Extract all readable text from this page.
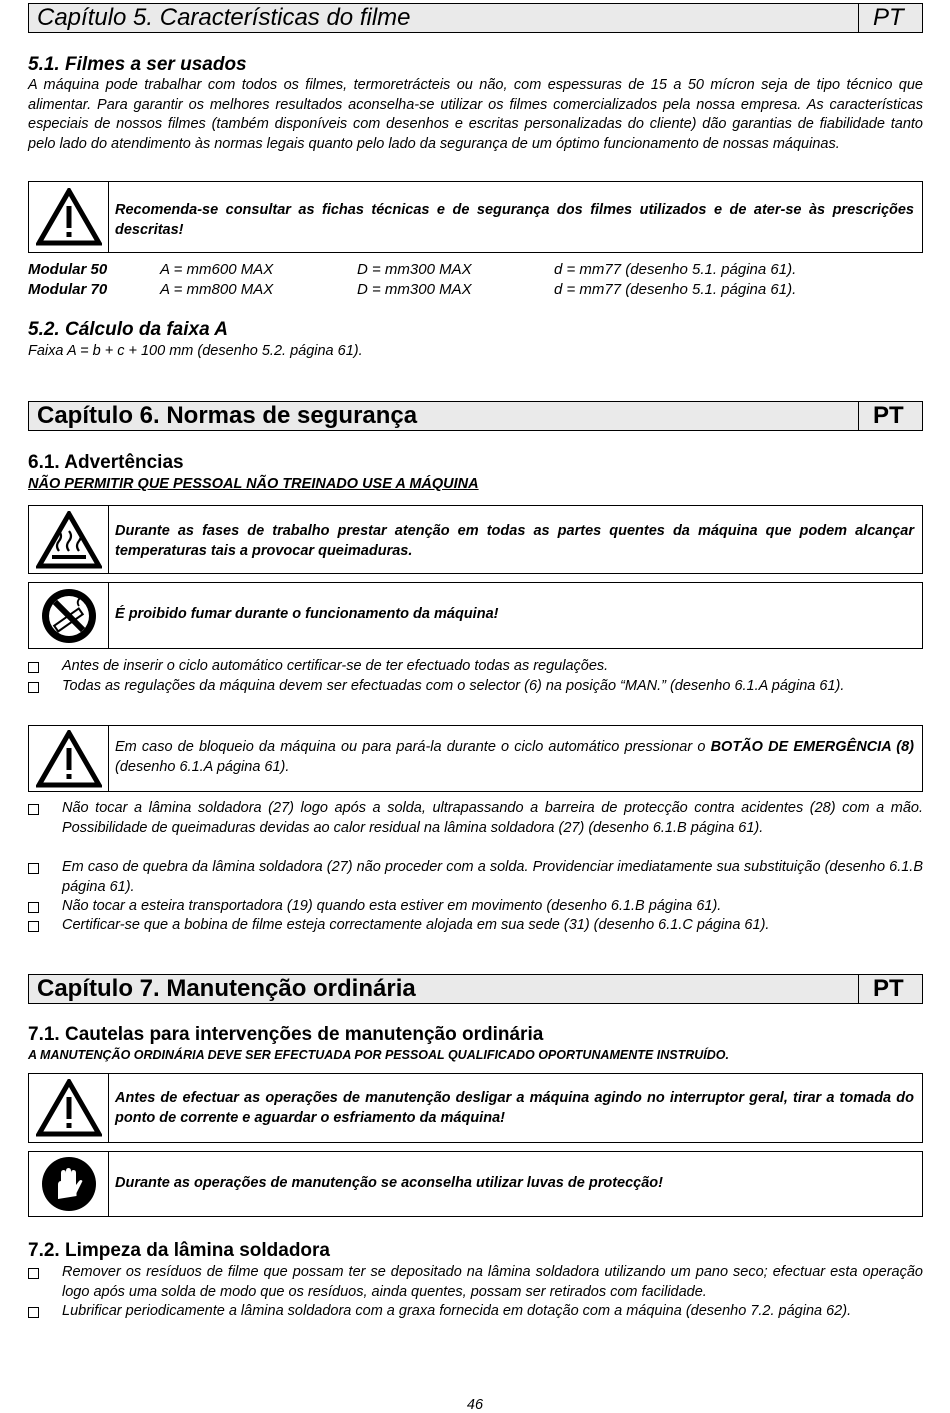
Capítulo 5. Características do filme	PT
5.1. Filmes a ser usados
A máquina pode trabalhar com todos os filmes, termoretrácteis ou não, com espessuras de 15 a 50 mícron seja de tipo técnico que alimentar. Para garantir os melhores resultados aconselha-se utilizar os filmes comercializados pela nossa empresa. As características especiais de nossos filmes (também disponíveis com desenhos e escritas personalizadas do cliente) dão garantias de fiabilidade tanto pelo lado do atendimento às normas legais quanto pelo lado da segurança de um óptimo funcionamento de nossas máquinas.
Recomenda-se consultar as fichas técnicas e de segurança dos filmes utilizados e de ater-se às prescrições descritas!
Modular 50	A = mm600 MAX	D = mm300 MAX	d = mm77 (desenho 5.1. página 61).
Modular 70	A = mm800 MAX	D = mm300 MAX	d = mm77 (desenho 5.1. página 61).
5.2. Cálculo da faixa A
Faixa A = b + c + 100 mm (desenho 5.2. página 61).
Capítulo 6. Normas de segurança	PT
6.1. Advertências
NÃO PERMITIR QUE PESSOAL NÃO TREINADO USE A MÁQUINA
Durante as fases de trabalho prestar atenção em todas as partes quentes da máquina que podem alcançar temperaturas tais a provocar queimaduras.
É proibido fumar durante o funcionamento da máquina!
Antes de inserir o ciclo automático certificar-se de ter efectuado todas as regulações.
Todas as regulações da máquina devem ser efectuadas com o selector (6) na posição “MAN.” (desenho 6.1.A página 61).
Em caso de bloqueio da máquina ou para pará-la durante o ciclo automático pressionar o BOTÃO DE EMERGÊNCIA (8) (desenho 6.1.A página 61).
Não tocar a lâmina soldadora (27) logo após a solda, ultrapassando a barreira de protecção contra acidentes (28) com a mão. Possibilidade de queimaduras devidas ao calor residual na lâmina soldadora (27) (desenho 6.1.B página 61).
Em caso de quebra da lâmina soldadora (27) não proceder com a solda. Providenciar imediatamente sua substituição (desenho 6.1.B página 61).
Não tocar a esteira transportadora (19) quando esta estiver em movimento (desenho 6.1.B página 61).
Certificar-se que a bobina de filme esteja correctamente alojada em sua sede (31) (desenho 6.1.C página 61).
Capítulo 7. Manutenção ordinária	PT
7.1. Cautelas para intervenções de manutenção ordinária
A MANUTENÇÃO ORDINÁRIA DEVE SER EFECTUADA POR PESSOAL QUALIFICADO OPORTUNAMENTE INSTRUÍDO.
Antes de efectuar as operações de manutenção desligar a máquina agindo no interruptor geral, tirar a tomada do ponto de corrente e aguardar o esfriamento da máquina!
Durante as operações de manutenção se aconselha utilizar luvas de protecção!
7.2. Limpeza da lâmina soldadora
Remover os resíduos de filme que possam ter se depositado na lâmina soldadora utilizando um pano seco; efectuar esta operação logo após uma solda de modo que os resíduos, ainda quentes, possam ser retirados com facilidade.
Lubrificar periodicamente a lâmina soldadora com a graxa fornecida em dotação com a máquina (desenho 7.2. página 62).
46
